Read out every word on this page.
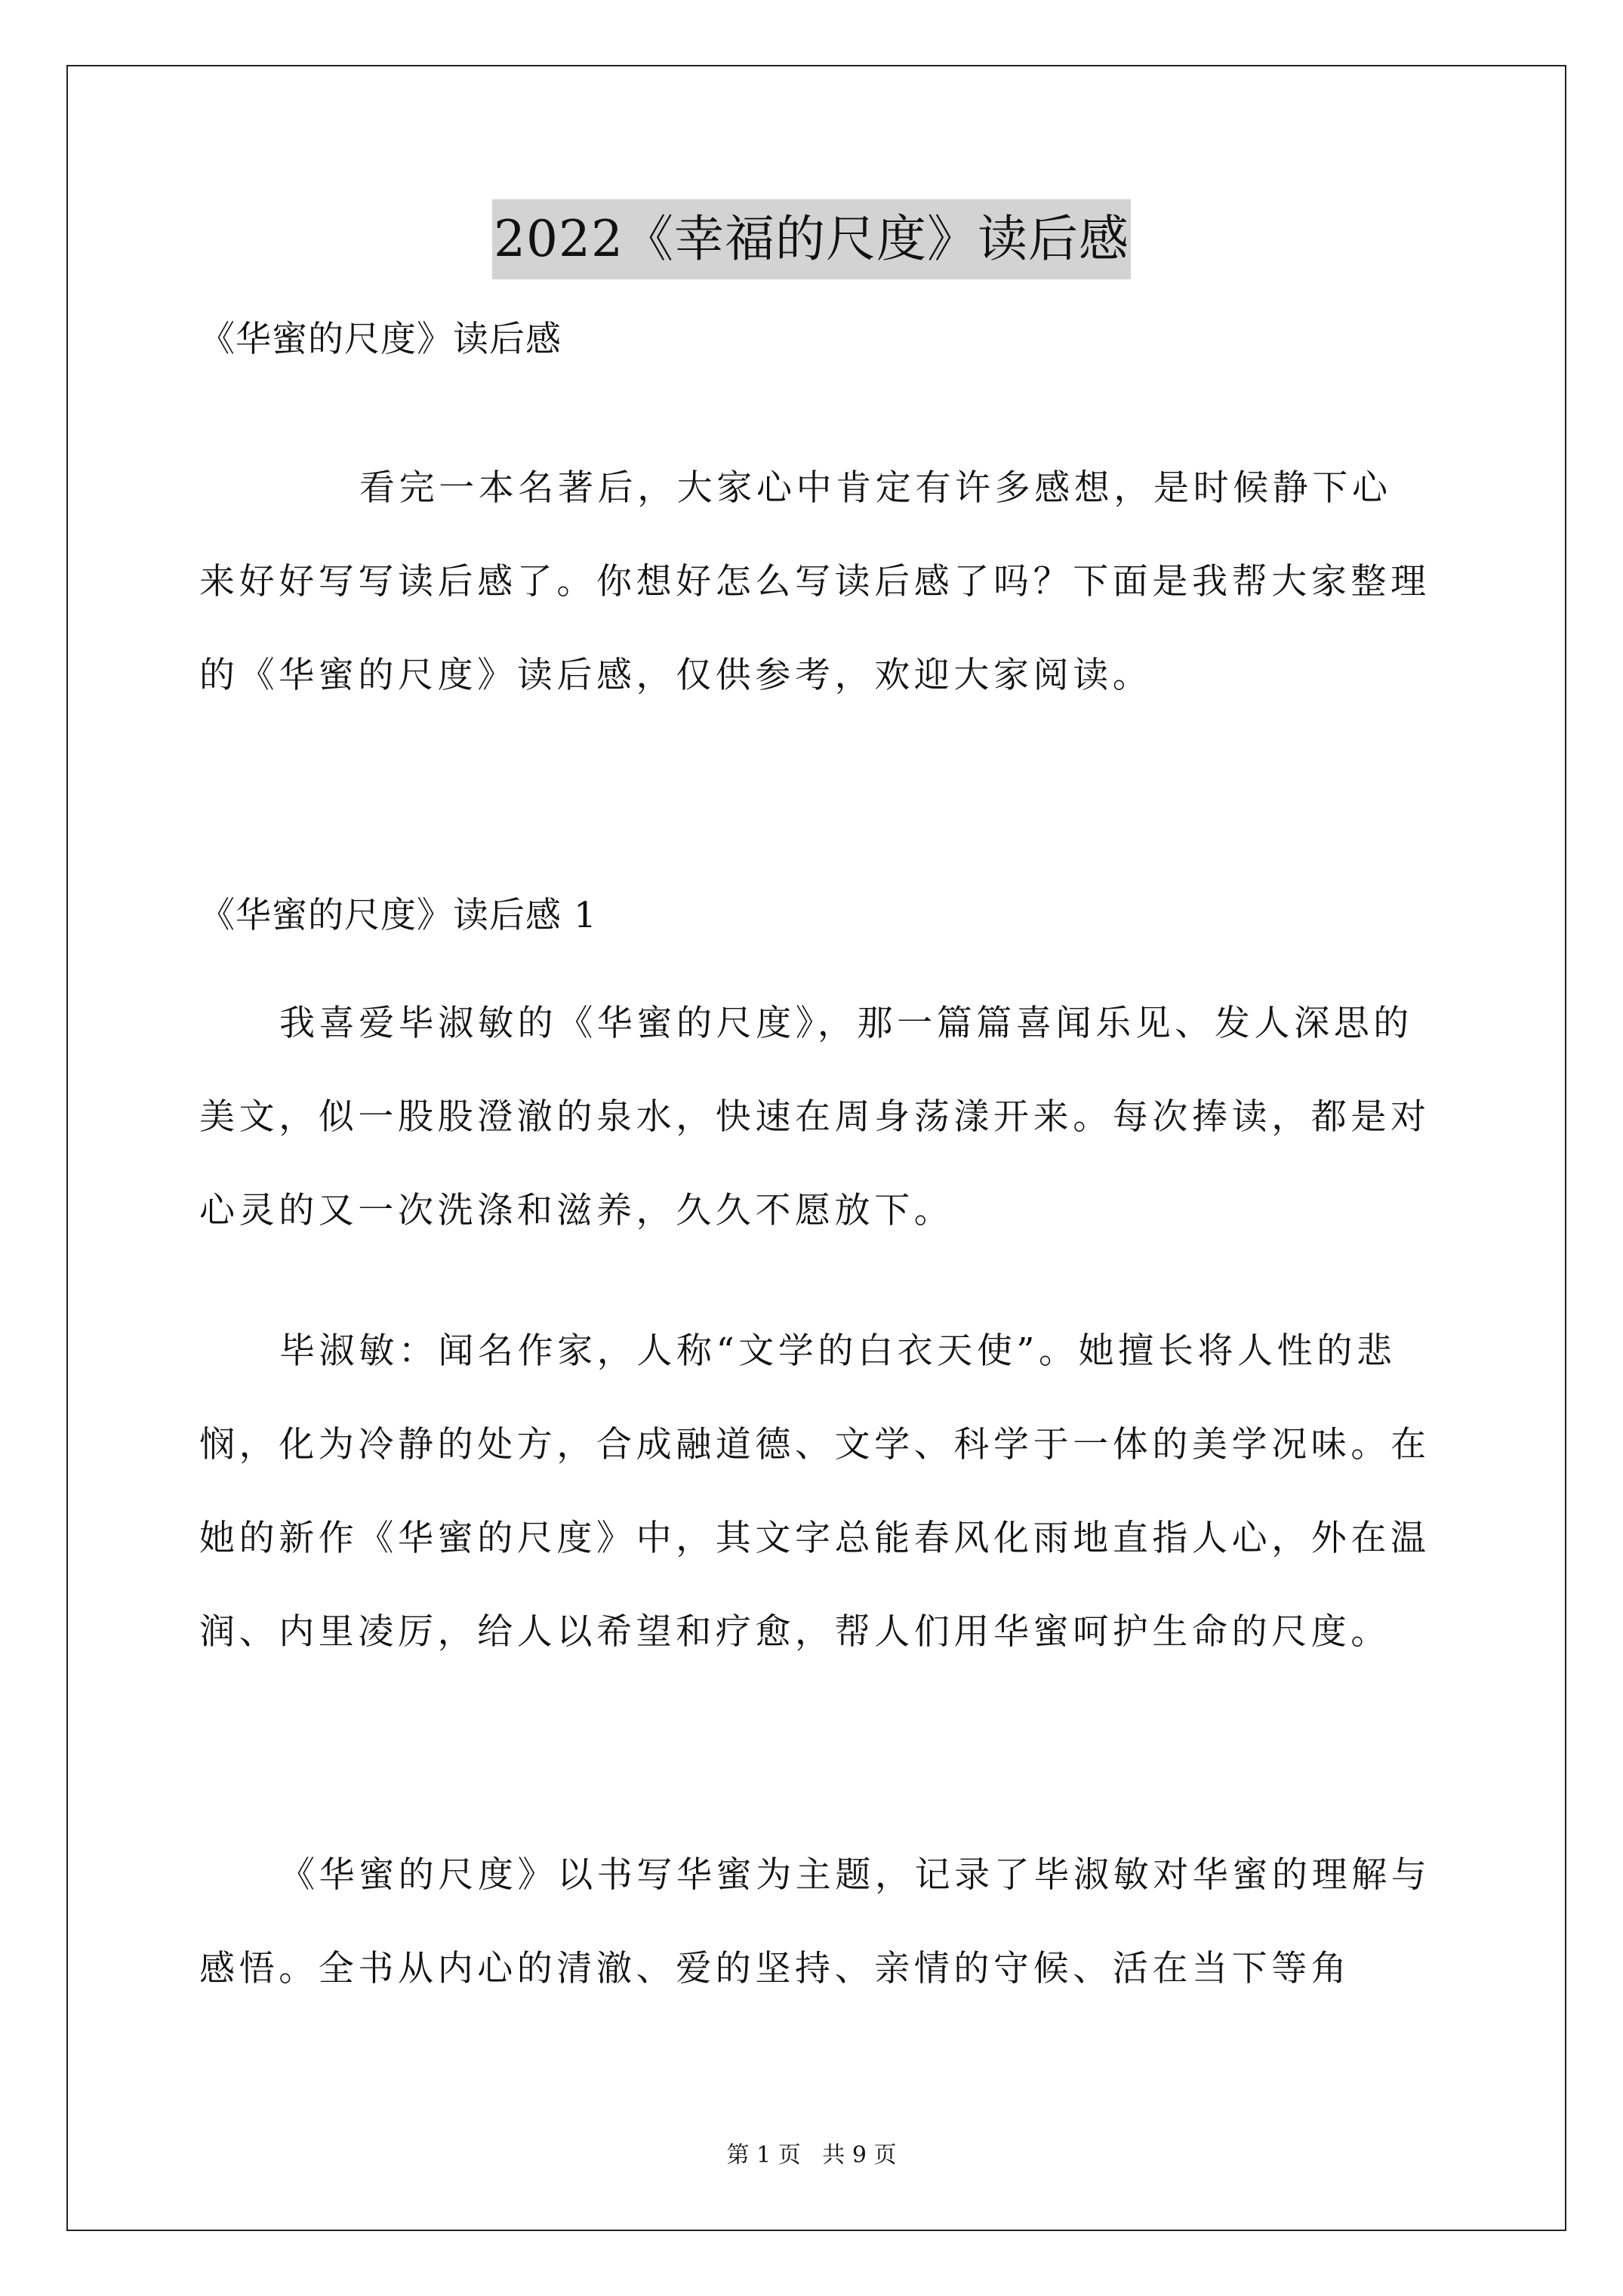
2022《幸福的尺度》读后感

《华蜜的尺度》读后感

看完一本名著后，大家心中肯定有许多感想，是时候静下心来好好写写读后感了。你想好怎么写读后感了吗？下面是我帮大家整理的《华蜜的尺度》读后感，仅供参考，欢迎大家阅读。

《华蜜的尺度》读后感 1

我喜爱毕淑敏的《华蜜的尺度》，那一篇篇喜闻乐见、发人深思的美文，似一股股澄澈的泉水，快速在周身荡漾开来。每次捧读，都是对心灵的又一次洗涤和滋养，久久不愿放下。

毕淑敏：闻名作家，人称“文学的白衣天使”。她擅长将人性的悲悯，化为冷静的处方，合成融道德、文学、科学于一体的美学况味。在她的新作《华蜜的尺度》中，其文字总能春风化雨地直指人心，外在温润、内里凌厉，给人以希望和疗愈，帮人们用华蜜呵护生命的尺度。

《华蜜的尺度》以书写华蜜为主题，记录了毕淑敏对华蜜的理解与感悟。全书从内心的清澈、爱的坚持、亲情的守候、活在当下等角

第 1 页   共 9 页
